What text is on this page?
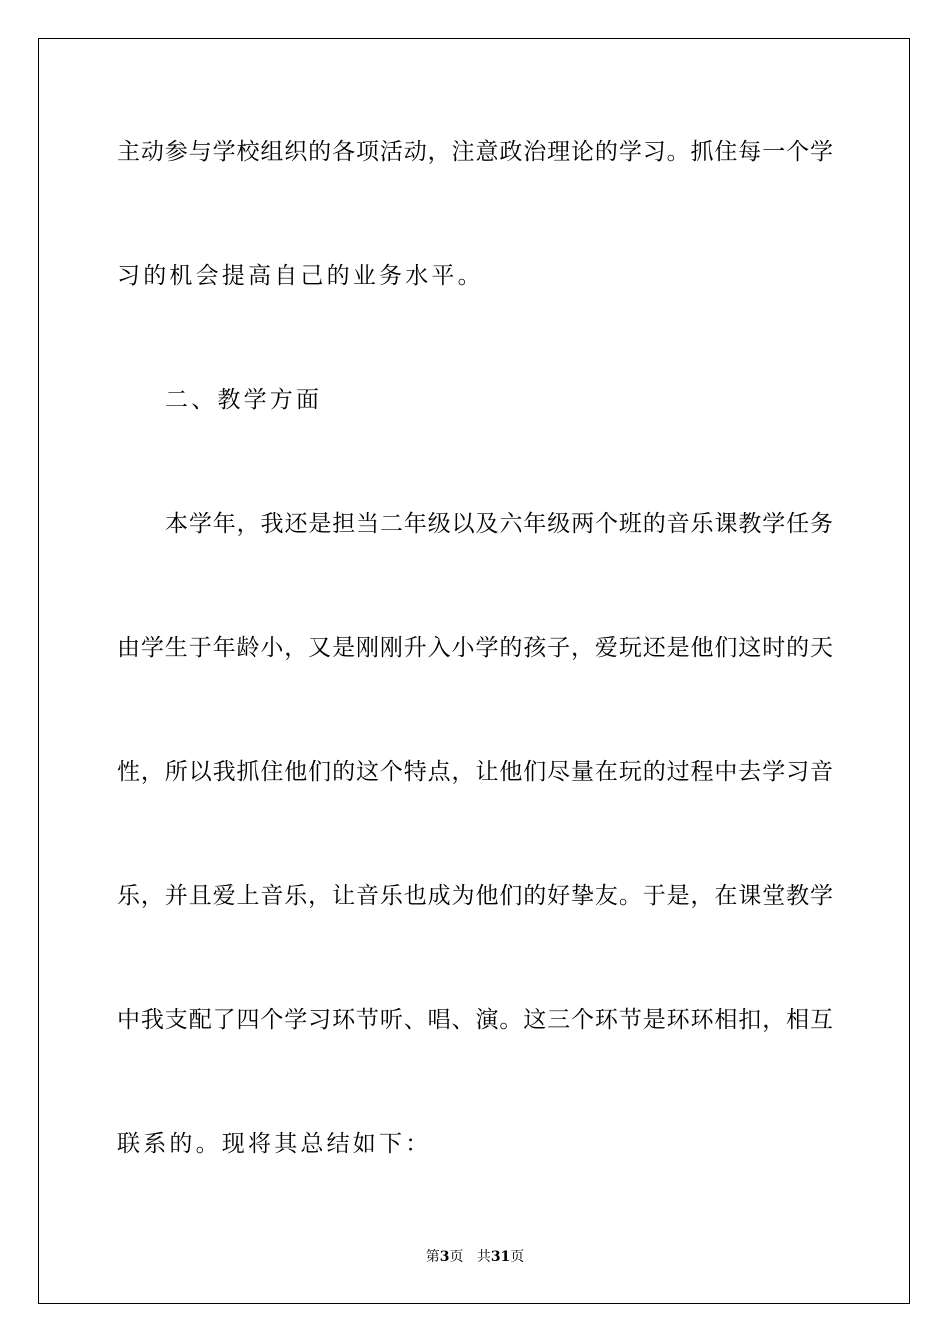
主动参与学校组织的各项活动，注意政治理论的学习。抓住每一个学
习的机会提高自己的业务水平。
二、教学方面
本学年，我还是担当二年级以及六年级两个班的音乐课教学任务
由学生于年龄小，又是刚刚升入小学的孩子，爱玩还是他们这时的天
性，所以我抓住他们的这个特点，让他们尽量在玩的过程中去学习音
乐，并且爱上音乐，让音乐也成为他们的好挚友。于是，在课堂教学
中我支配了四个学习环节听、唱、演。这三个环节是环环相扣，相互
联系的。现将其总结如下：
第3页 共31页
